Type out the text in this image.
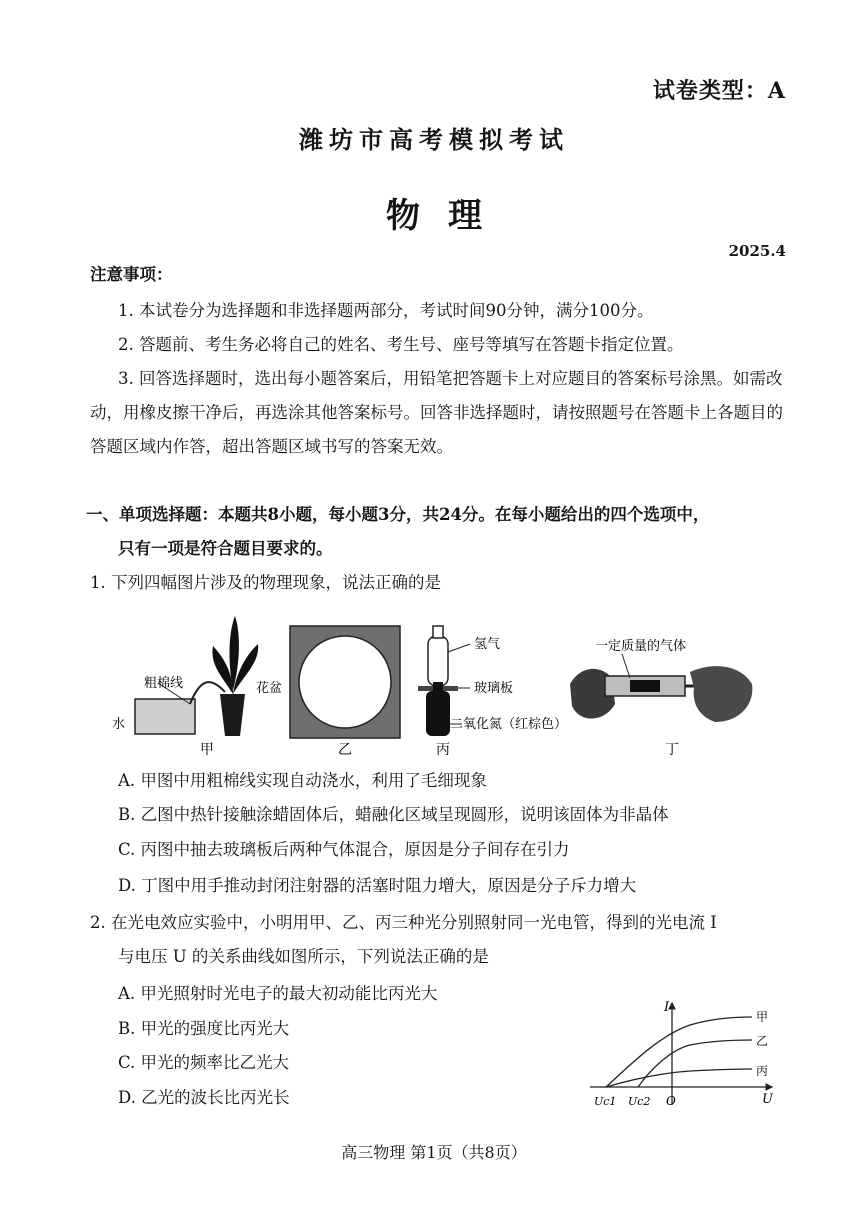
试卷类型：A
潍坊市高考模拟考试
物理
2025.4
注意事项：
1. 本试卷分为选择题和非选择题两部分，考试时间90分钟，满分100分。
2. 答题前、考生务必将自己的姓名、考生号、座号等填写在答题卡指定位置。
3. 回答选择题时，选出每小题答案后，用铅笔把答题卡上对应题目的答案标号涂黑。如需改动，用橡皮擦干净后，再选涂其他答案标号。回答非选择题时，请按照题号在答题卡上各题目的答题区域内作答，超出答题区域书写的答案无效。
一、单项选择题：本题共8小题，每小题3分，共24分。在每小题给出的四个选项中，
只有一项是符合题目要求的。
1. 下列四幅图片涉及的物理现象，说法正确的是
粗棉线	花盆
水
甲	乙
氢气
玻璃板
二氧化氮（红棕色）
丙
一定质量的气体
丁
A. 甲图中用粗棉线实现自动浇水，利用了毛细现象
B. 乙图中热针接触涂蜡固体后，蜡融化区域呈现圆形，说明该固体为非晶体
C. 丙图中抽去玻璃板后两种气体混合，原因是分子间存在引力
D. 丁图中用手推动封闭注射器的活塞时阻力增大，原因是分子斥力增大
2. 在光电效应实验中，小明用甲、乙、丙三种光分别照射同一光电管，得到的光电流 I
与电压 U 的关系曲线如图所示，下列说法正确的是
A. 甲光照射时光电子的最大初动能比丙光大
B. 甲光的强度比丙光大
C. 甲光的频率比乙光大
D. 乙光的波长比丙光长
I
U
Uc1 Uc2 O
甲
乙
丙
高三物理 第1页（共8页）
